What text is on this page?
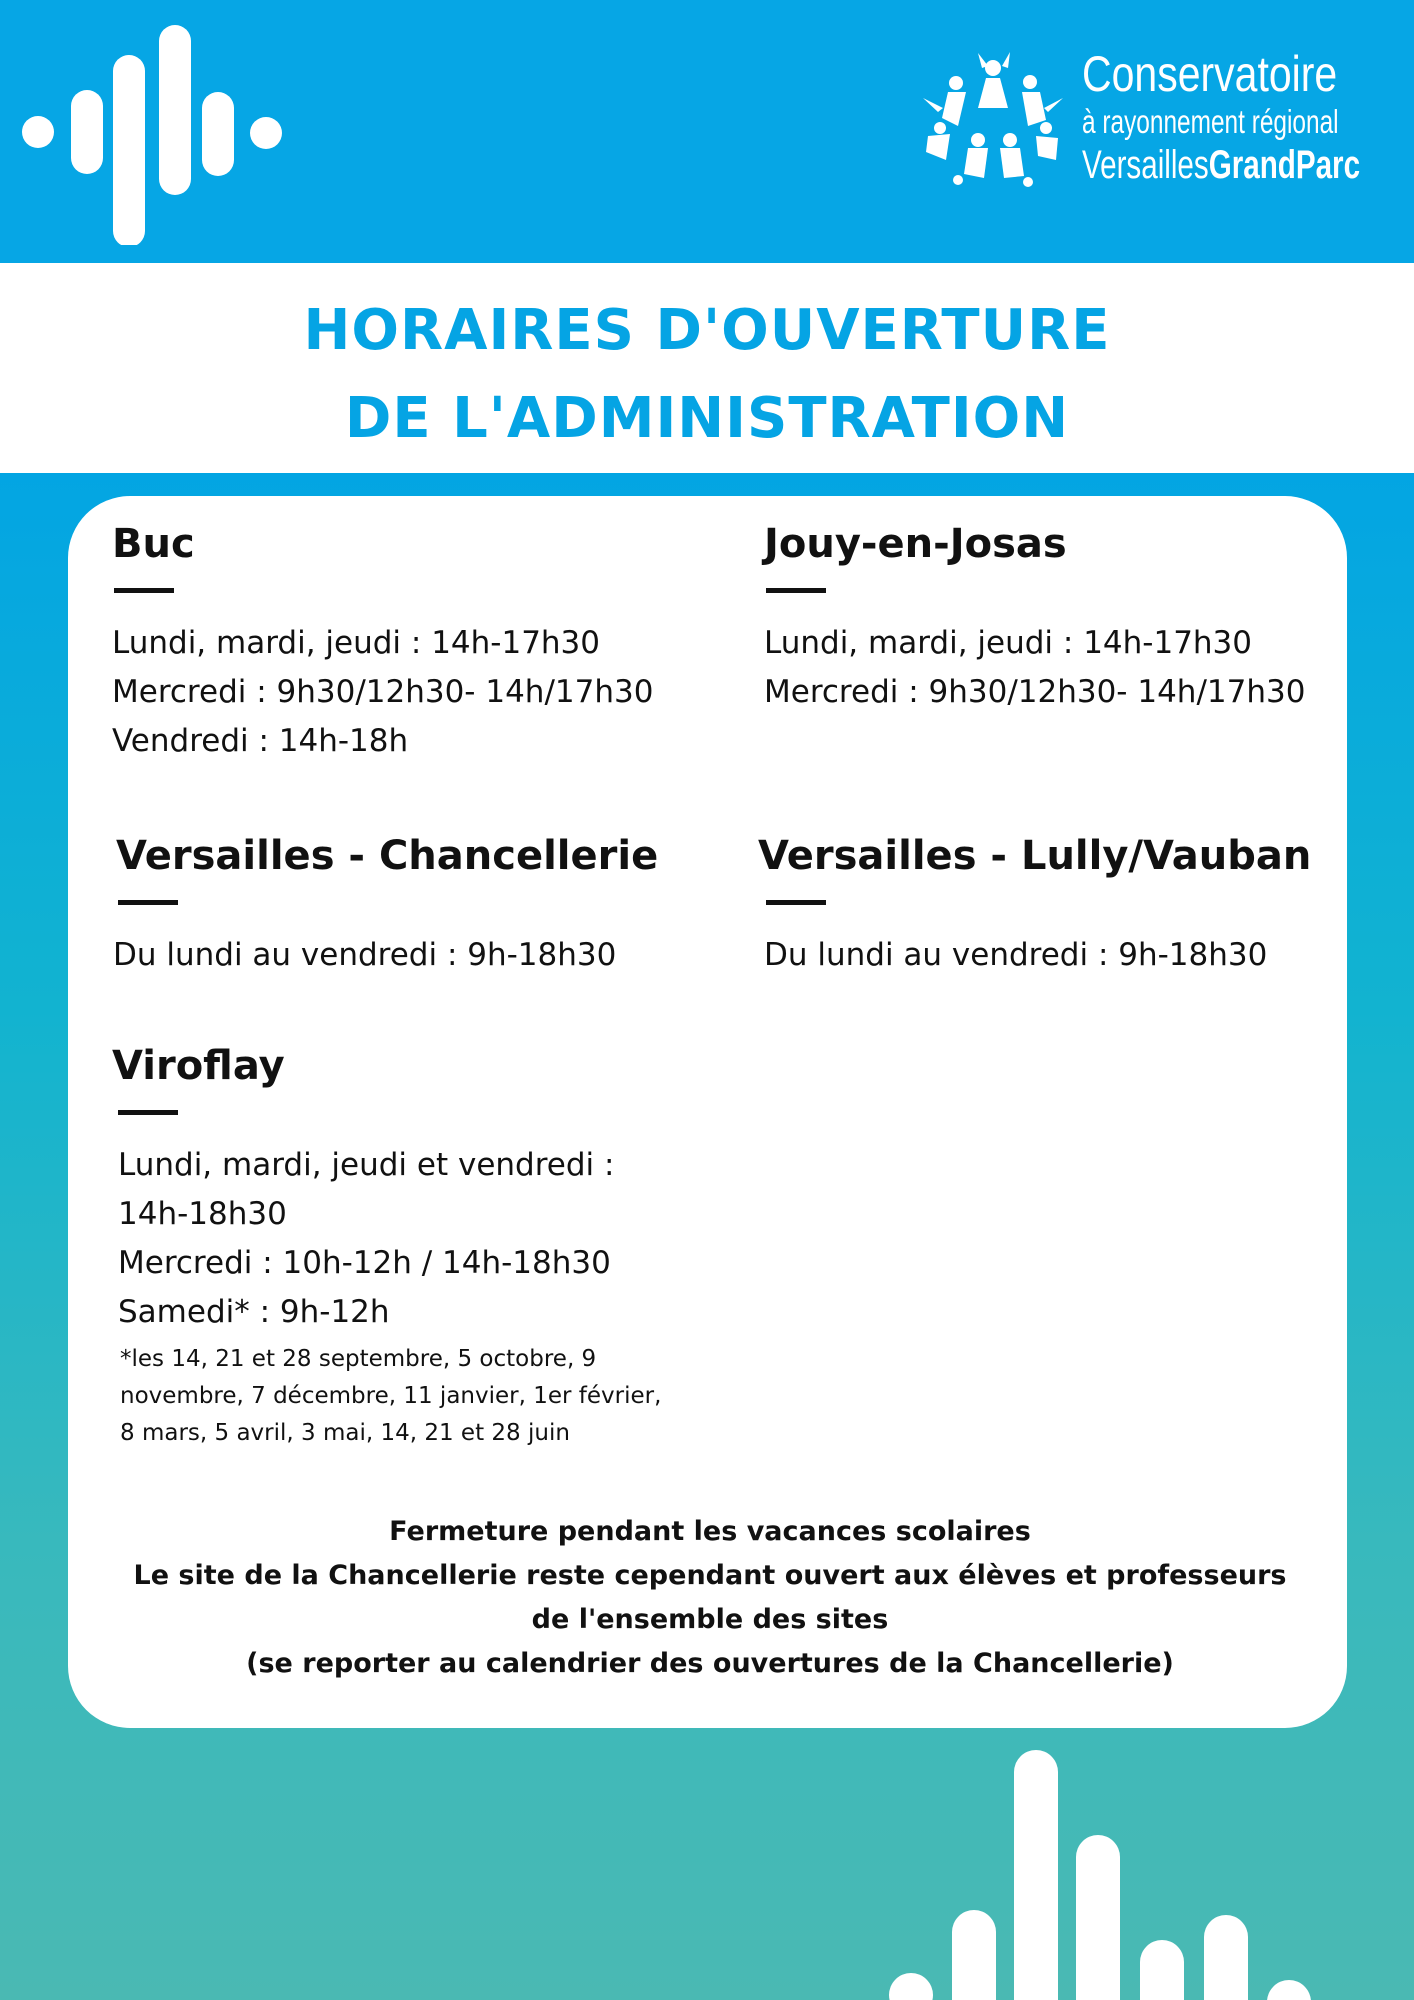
Conservatoire
à rayonnement régional
VersaillesGrandParc
HORAIRES D'OUVERTURE
DE L'ADMINISTRATION
Buc
Lundi, mardi, jeudi : 14h-17h30
Mercredi : 9h30/12h30- 14h/17h30
Vendredi : 14h-18h
Jouy-en-Josas
Lundi, mardi, jeudi : 14h-17h30
Mercredi : 9h30/12h30- 14h/17h30
Versailles - Chancellerie
Du lundi au vendredi : 9h-18h30
Versailles - Lully/Vauban
Du lundi au vendredi : 9h-18h30
Viroflay
Lundi, mardi, jeudi et vendredi :
14h-18h30
Mercredi : 10h-12h / 14h-18h30
Samedi* : 9h-12h
*les 14, 21 et 28 septembre, 5 octobre, 9 novembre, 7 décembre, 11 janvier, 1er février, 8 mars, 5 avril, 3 mai, 14, 21 et 28 juin
Fermeture pendant les vacances scolaires
Le site de la Chancellerie reste cependant ouvert aux élèves et professeurs de l'ensemble des sites
(se reporter au calendrier des ouvertures de la Chancellerie)
